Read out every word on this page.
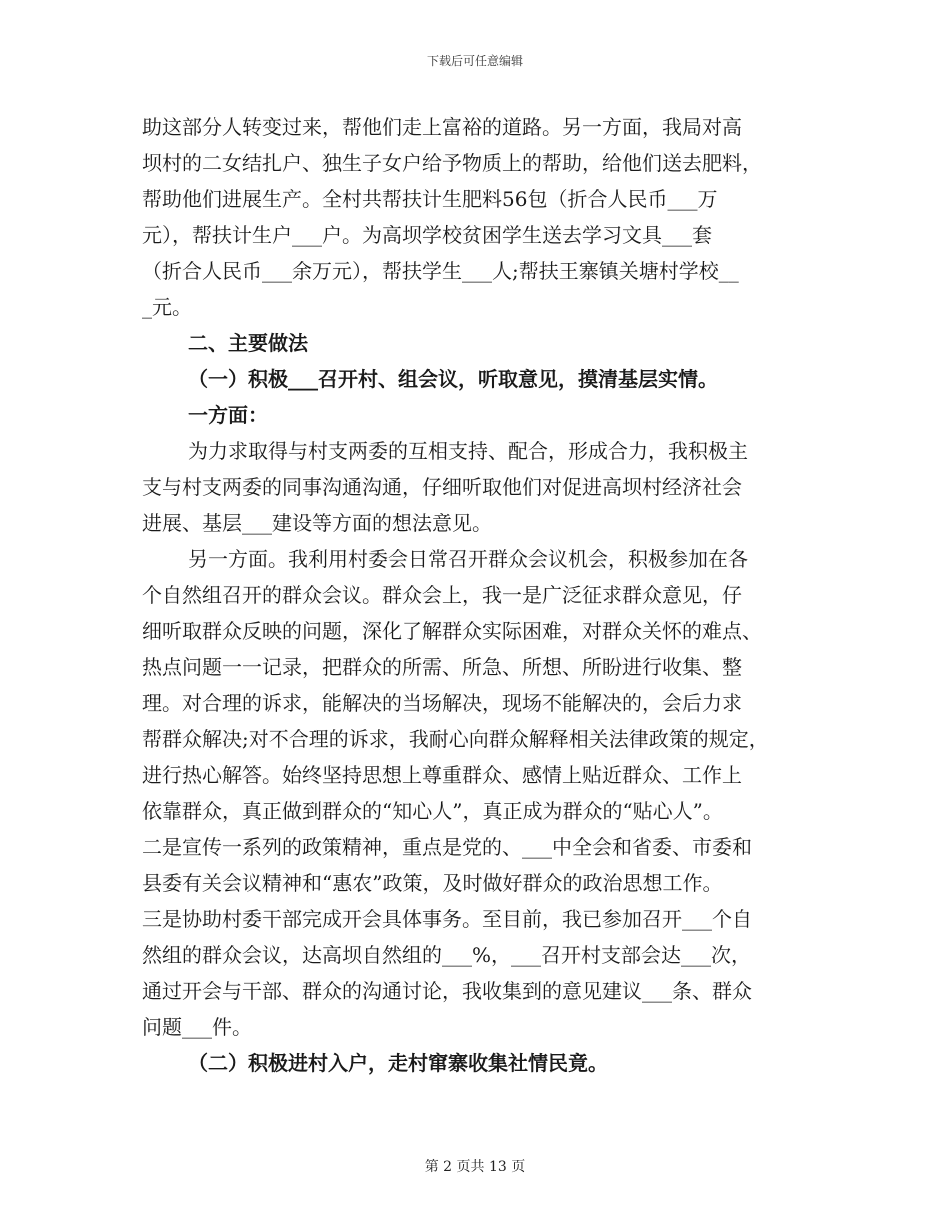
下载后可任意编辑
助这部分人转变过来，帮他们走上富裕的道路。另一方面，我局对高
坝村的二女结扎户、独生子女户给予物质上的帮助，给他们送去肥料，
帮助他们进展生产。全村共帮扶计生肥料56包（折合人民币___万
元），帮扶计生户___户。为高坝学校贫困学生送去学习文具___套
（折合人民币___余万元），帮扶学生___人;帮扶王寨镇关塘村学校__
_元。
二、主要做法
（一）积极___召开村、组会议，听取意见，摸清基层实情。
一方面：
为力求取得与村支两委的互相支持、配合，形成合力，我积极主
支与村支两委的同事沟通沟通，仔细听取他们对促进高坝村经济社会
进展、基层___建设等方面的想法意见。
另一方面。我利用村委会日常召开群众会议机会，积极参加在各
个自然组召开的群众会议。群众会上，我一是广泛征求群众意见，仔
细听取群众反映的问题，深化了解群众实际困难，对群众关怀的难点、
热点问题一一记录，把群众的所需、所急、所想、所盼进行收集、整
理。对合理的诉求，能解决的当场解决，现场不能解决的，会后力求
帮群众解决;对不合理的诉求，我耐心向群众解释相关法律政策的规定，
进行热心解答。始终坚持思想上尊重群众、感情上贴近群众、工作上
依靠群众，真正做到群众的“知心人”，真正成为群众的“贴心人”。
二是宣传一系列的政策精神，重点是党的、___中全会和省委、市委和
县委有关会议精神和“惠农”政策，及时做好群众的政治思想工作。
三是协助村委干部完成开会具体事务。至目前，我已参加召开___个自
然组的群众会议，达高坝自然组的___%，___召开村支部会达___次，
通过开会与干部、群众的沟通讨论，我收集到的意见建议___条、群众
问题___件。
（二）积极进村入户，走村窜寨收集社情民竟。
第 2 页共 13 页
